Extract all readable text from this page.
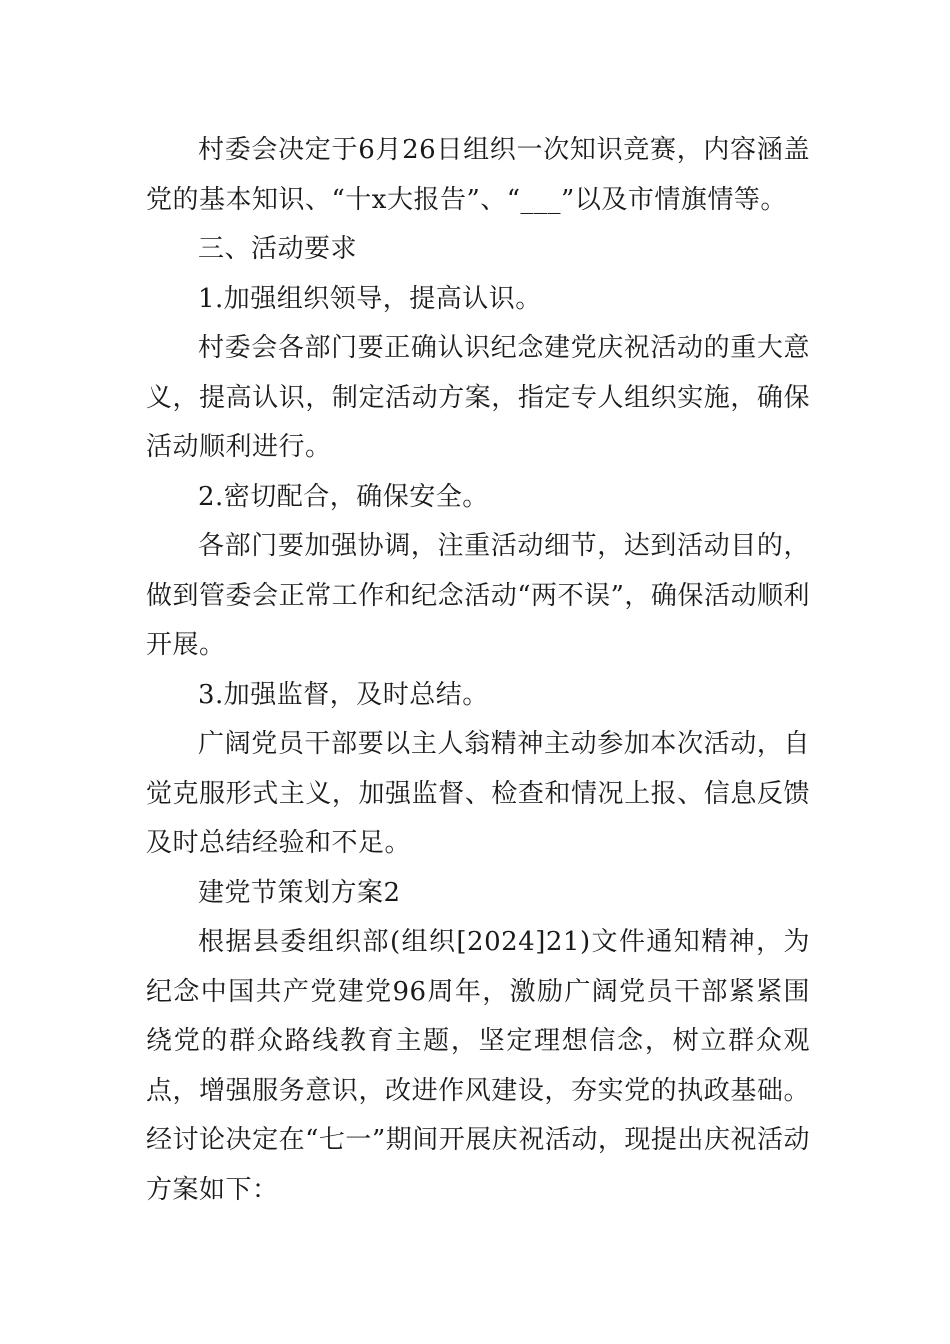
村委会决定于6月26日组织一次知识竞赛，内容涵盖党的基本知识、“十x大报告”、“___”以及市情旗情等。

三、活动要求

1.加强组织领导，提高认识。

村委会各部门要正确认识纪念建党庆祝活动的重大意义，提高认识，制定活动方案，指定专人组织实施，确保活动顺利进行。

2.密切配合，确保安全。

各部门要加强协调，注重活动细节，达到活动目的，做到管委会正常工作和纪念活动“两不误”，确保活动顺利开展。

3.加强监督，及时总结。

广阔党员干部要以主人翁精神主动参加本次活动，自觉克服形式主义，加强监督、检查和情况上报、信息反馈及时总结经验和不足。

建党节策划方案2

根据县委组织部(组织[2024]21)文件通知精神，为纪念中国共产党建党96周年，激励广阔党员干部紧紧围绕党的群众路线教育主题，坚定理想信念，树立群众观点，增强服务意识，改进作风建设，夯实党的执政基础。经讨论决定在“七一”期间开展庆祝活动，现提出庆祝活动方案如下：
